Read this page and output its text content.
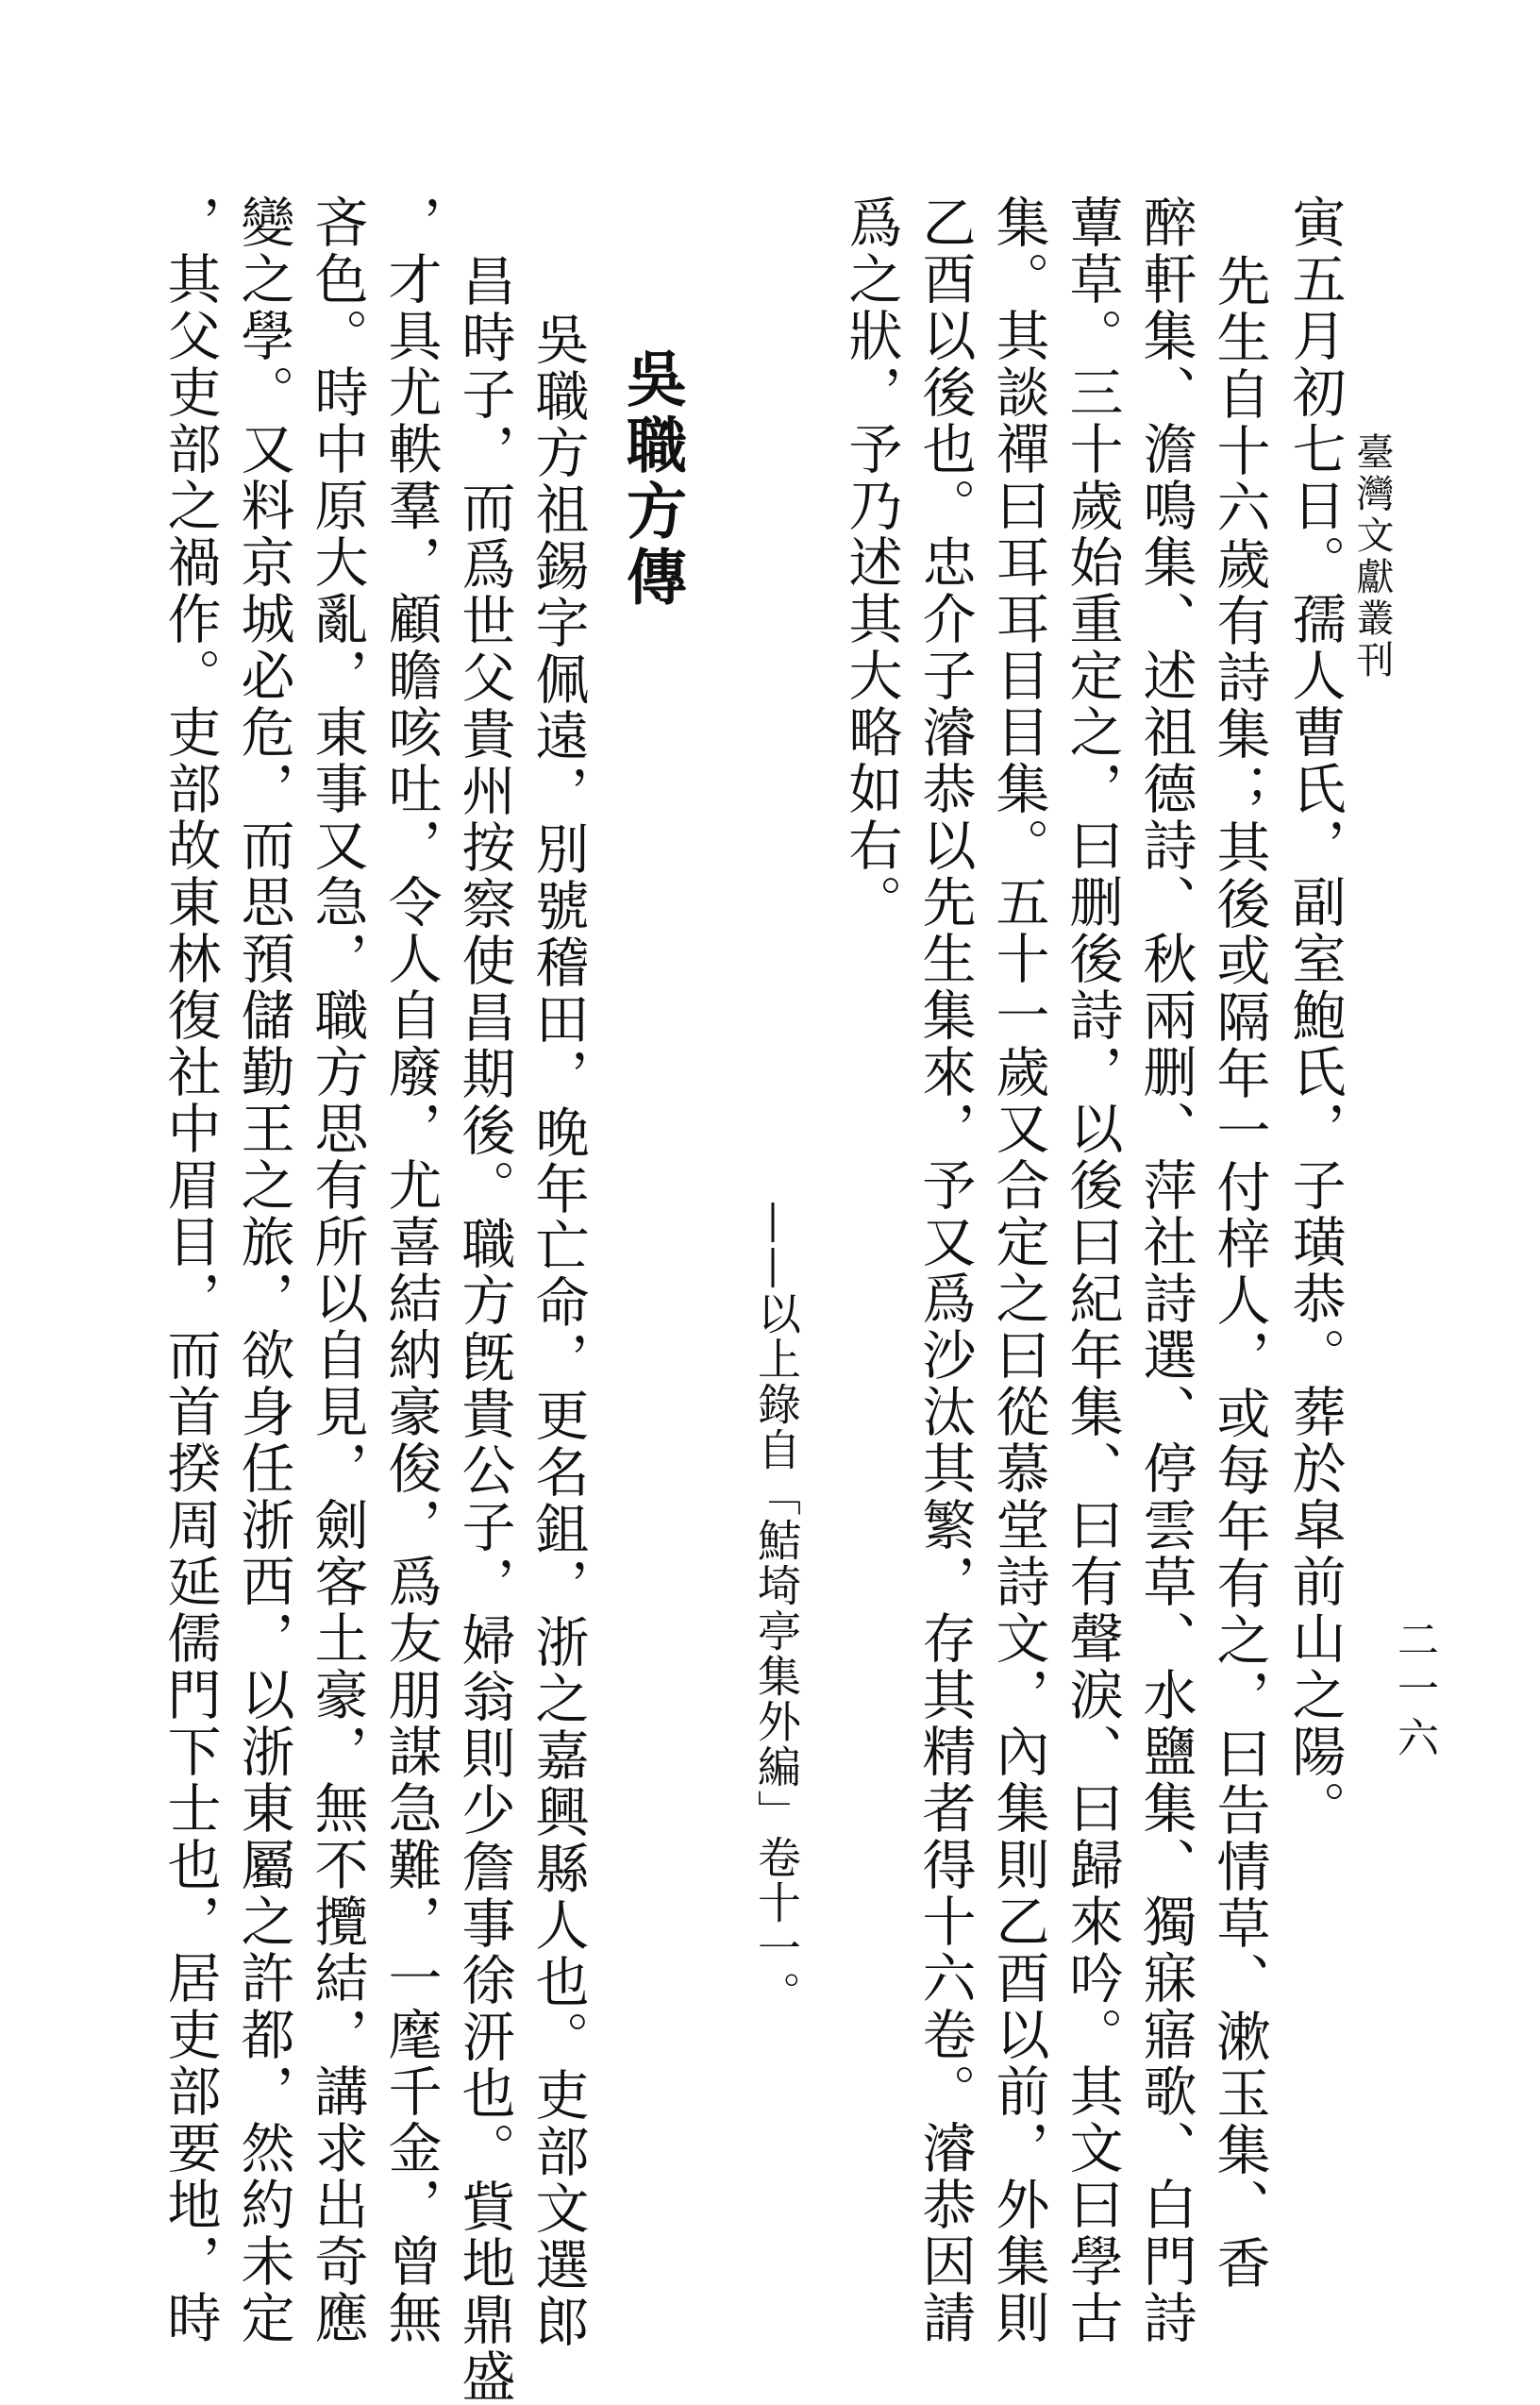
臺灣文獻叢刊
二一六
寅五月初七日。孺人曹氏，副室鮑氏，子璜恭。葬於皐前山之陽。
先生自十六歲有詩集；其後或隔年一付梓人，或每年有之，曰告情草、漱玉集、香
醉軒集、澹鳴集、述祖德詩、秋兩删、萍社詩選、停雲草、水鹽集、獨寐寤歌、白門詩
蕈草。三十歲始重定之，曰删後詩，以後曰紀年集、曰有聲淚、曰歸來吟。其文曰學古
集。其談禪曰耳耳目目集。五十一歲又合定之曰從慕堂詩文，內集則乙酉以前，外集則
乙酉以後也。忠介子濬恭以先生集來，予又爲沙汰其繁，存其精者得十六卷。濬恭因請
爲之狀，予乃述其大略如右。
——以上錄自「鮚埼亭集外編」卷十一。
吳職方傳
吳職方祖錫字佩遠，別號稽田，晚年亡命，更名鉏，浙之嘉興縣人也。吏部文選郎
昌時子，而爲世父貴州按察使昌期後。職方旣貴公子，婦翁則少詹事徐汧也。貲地鼎盛
，才具尤軼羣，顧瞻咳吐，令人自廢，尤喜結納豪俊，爲友朋謀急難，一麾千金，曾無
吝色。時中原大亂，東事又急，職方思有所以自見，劍客土豪，無不攬結，講求出奇應
變之學。又料京城必危，而思預儲勤王之旅，欲身任浙西，以浙東屬之許都，然約未定
，其父吏部之禍作。吏部故東林復社中眉目，而首揆周延儒門下士也，居吏部要地，時
